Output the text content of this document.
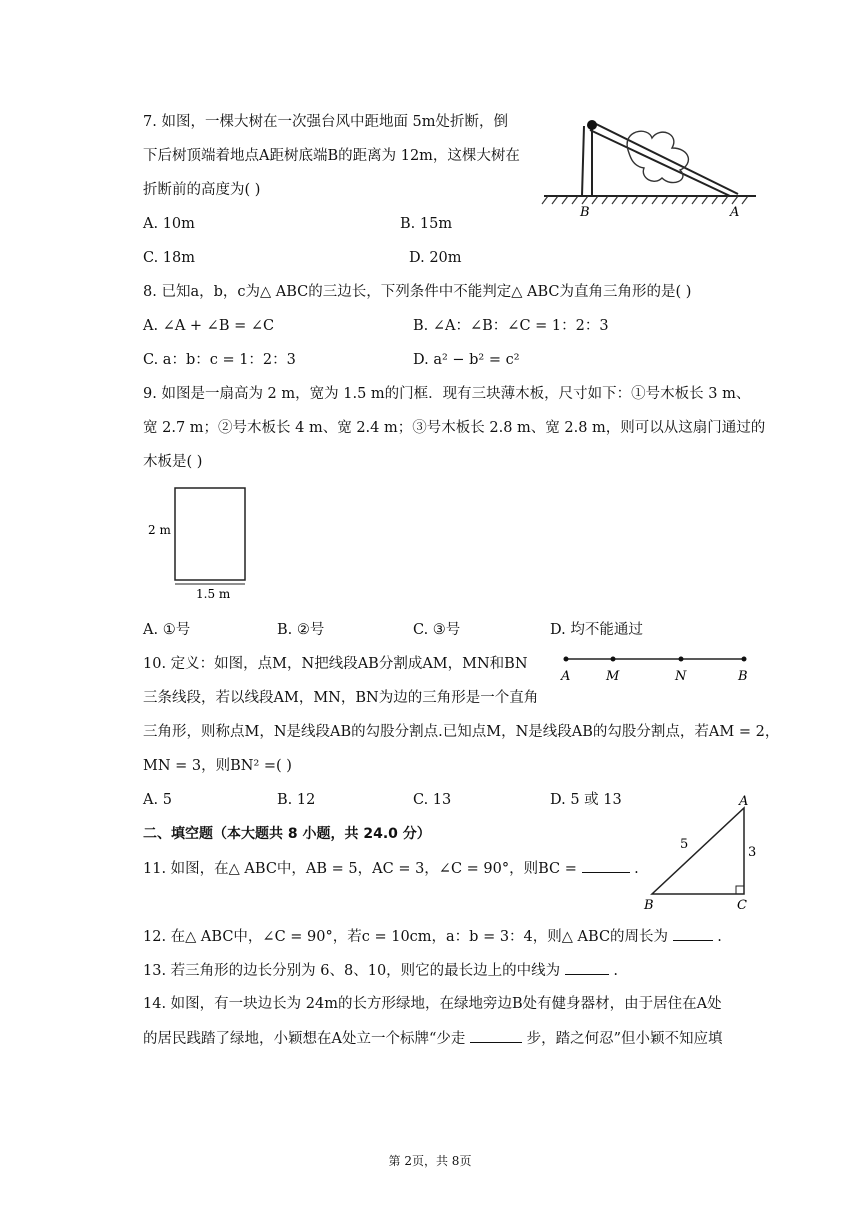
7. 如图，一棵大树在一次强台风中距地面 5m处折断，倒
下后树顶端着地点A距树底端B的距离为 12m，这棵大树在
折断前的高度为( )
A. 10m	B. 15m
C. 18m	D. 20m
B	A
8. 已知a，b，c为△ ABC的三边长，下列条件中不能判定△ ABC为直角三角形的是( )
A. ∠A + ∠B = ∠C	B. ∠A：∠B：∠C = 1：2：3
C. a：b：c = 1：2：3	D. a² − b² = c²
9. 如图是一扇高为 2 m，宽为 1.5 m的门框．现有三块薄木板，尺寸如下：①号木板长 3 m、
宽 2.7 m；②号木板长 4 m、宽 2.4 m；③号木板长 2.8 m、宽 2.8 m，则可以从这扇门通过的
木板是( )
2 m
1.5 m
A. ①号	B. ②号	C. ③号	D. 均不能通过
10. 定义：如图，点M，N把线段AB分割成AM，MN和BN
三条线段，若以线段AM，MN，BN为边的三角形是一个直角
三角形，则称点M，N是线段AB的勾股分割点.已知点M，N是线段AB的勾股分割点，若AM = 2，
MN = 3，则BN² =( )
A	M	N	B
A. 5	B. 12	C. 13	D. 5 或 13
二、填空题（本大题共 8 小题，共 24.0 分）
11. 如图，在△ ABC中，AB = 5，AC = 3，∠C = 90°，则BC =	.
A
B	C
5
3
12. 在△ ABC中，∠C = 90°，若c = 10cm，a：b = 3：4，则△ ABC的周长为	.
13. 若三角形的边长分别为 6、8、10，则它的最长边上的中线为	.
14. 如图，有一块边长为 24m的长方形绿地，在绿地旁边B处有健身器材，由于居住在A处
的居民践踏了绿地，小颖想在A处立一个标牌“少走	步，踏之何忍”但小颖不知应填
第 2页，共 8页
